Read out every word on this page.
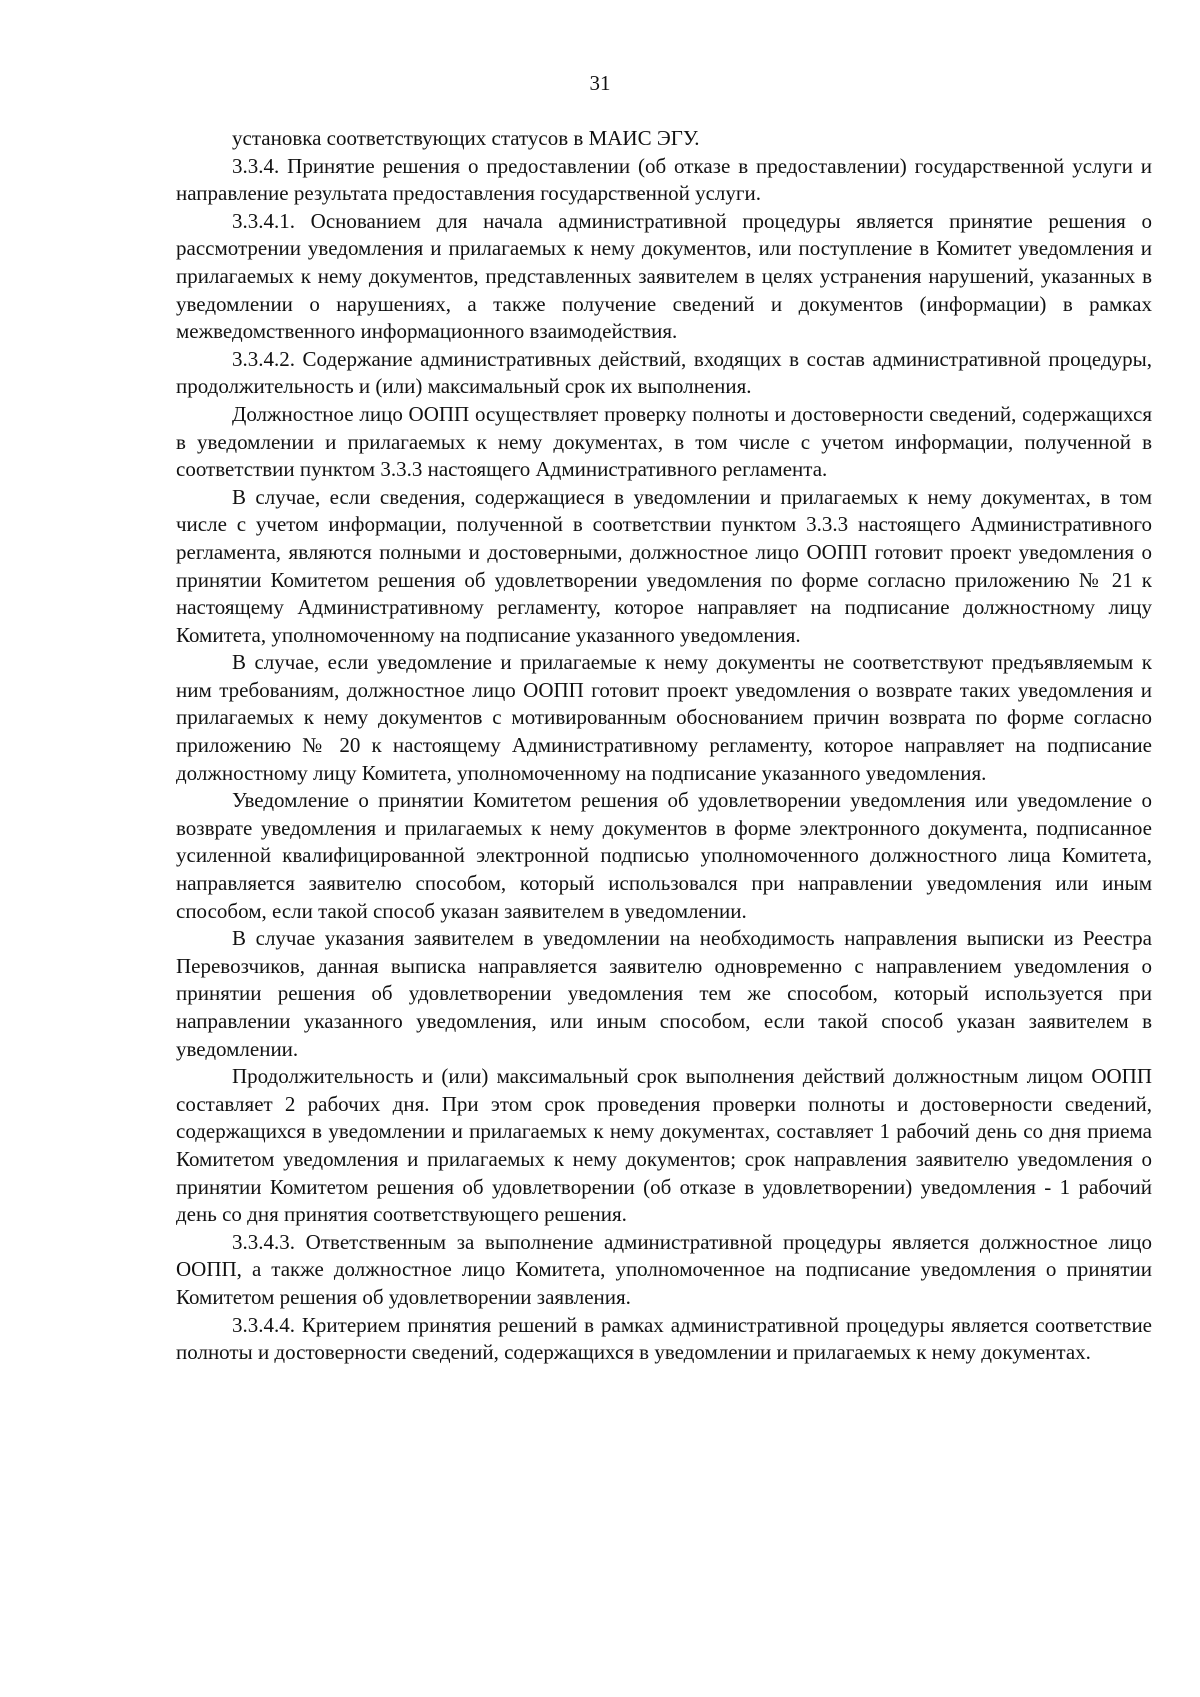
31

установка соответствующих статусов в МАИС ЭГУ.

3.3.4. Принятие решения о предоставлении (об отказе в предоставлении) государственной услуги и направление результата предоставления государственной услуги.

3.3.4.1. Основанием для начала административной процедуры является принятие решения о рассмотрении уведомления и прилагаемых к нему документов, или поступление в Комитет уведомления и прилагаемых к нему документов, представленных заявителем в целях устранения нарушений, указанных в уведомлении о нарушениях, а также получение сведений и документов (информации) в рамках межведомственного информационного взаимодействия.

3.3.4.2. Содержание административных действий, входящих в состав административной процедуры, продолжительность и (или) максимальный срок их выполнения.

Должностное лицо ООПП осуществляет проверку полноты и достоверности сведений, содержащихся в уведомлении и прилагаемых к нему документах, в том числе с учетом информации, полученной в соответствии пунктом 3.3.3 настоящего Административного регламента.

В случае, если сведения, содержащиеся в уведомлении и прилагаемых к нему документах, в том числе с учетом информации, полученной в соответствии пунктом 3.3.3 настоящего Административного регламента, являются полными и достоверными, должностное лицо ООПП готовит проект уведомления о принятии Комитетом решения об удовлетворении уведомления по форме согласно приложению № 21 к настоящему Административному регламенту, которое направляет на подписание должностному лицу Комитета, уполномоченному на подписание указанного уведомления.

В случае, если уведомление и прилагаемые к нему документы не соответствуют предъявляемым к ним требованиям, должностное лицо ООПП готовит проект уведомления о возврате таких уведомления и прилагаемых к нему документов с мотивированным обоснованием причин возврата по форме согласно приложению № 20 к настоящему Административному регламенту, которое направляет на подписание должностному лицу Комитета, уполномоченному на подписание указанного уведомления.

Уведомление о принятии Комитетом решения об удовлетворении уведомления или уведомление о возврате уведомления и прилагаемых к нему документов в форме электронного документа, подписанное усиленной квалифицированной электронной подписью уполномоченного должностного лица Комитета, направляется заявителю способом, который использовался при направлении уведомления или иным способом, если такой способ указан заявителем в уведомлении.

В случае указания заявителем в уведомлении на необходимость направления выписки из Реестра Перевозчиков, данная выписка направляется заявителю одновременно с направлением уведомления о принятии решения об удовлетворении уведомления тем же способом, который используется при направлении указанного уведомления, или иным способом, если такой способ указан заявителем в уведомлении.

Продолжительность и (или) максимальный срок выполнения действий должностным лицом ООПП составляет 2 рабочих дня. При этом срок проведения проверки полноты и достоверности сведений, содержащихся в уведомлении и прилагаемых к нему документах, составляет 1 рабочий день со дня приема Комитетом уведомления и прилагаемых к нему документов; срок направления заявителю уведомления о принятии Комитетом решения об удовлетворении (об отказе в удовлетворении) уведомления - 1 рабочий день со дня принятия соответствующего решения.

3.3.4.3. Ответственным за выполнение административной процедуры является должностное лицо ООПП, а также должностное лицо Комитета, уполномоченное на подписание уведомления о принятии Комитетом решения об удовлетворении заявления.

3.3.4.4. Критерием принятия решений в рамках административной процедуры является соответствие полноты и достоверности сведений, содержащихся в уведомлении и прилагаемых к нему документах.
